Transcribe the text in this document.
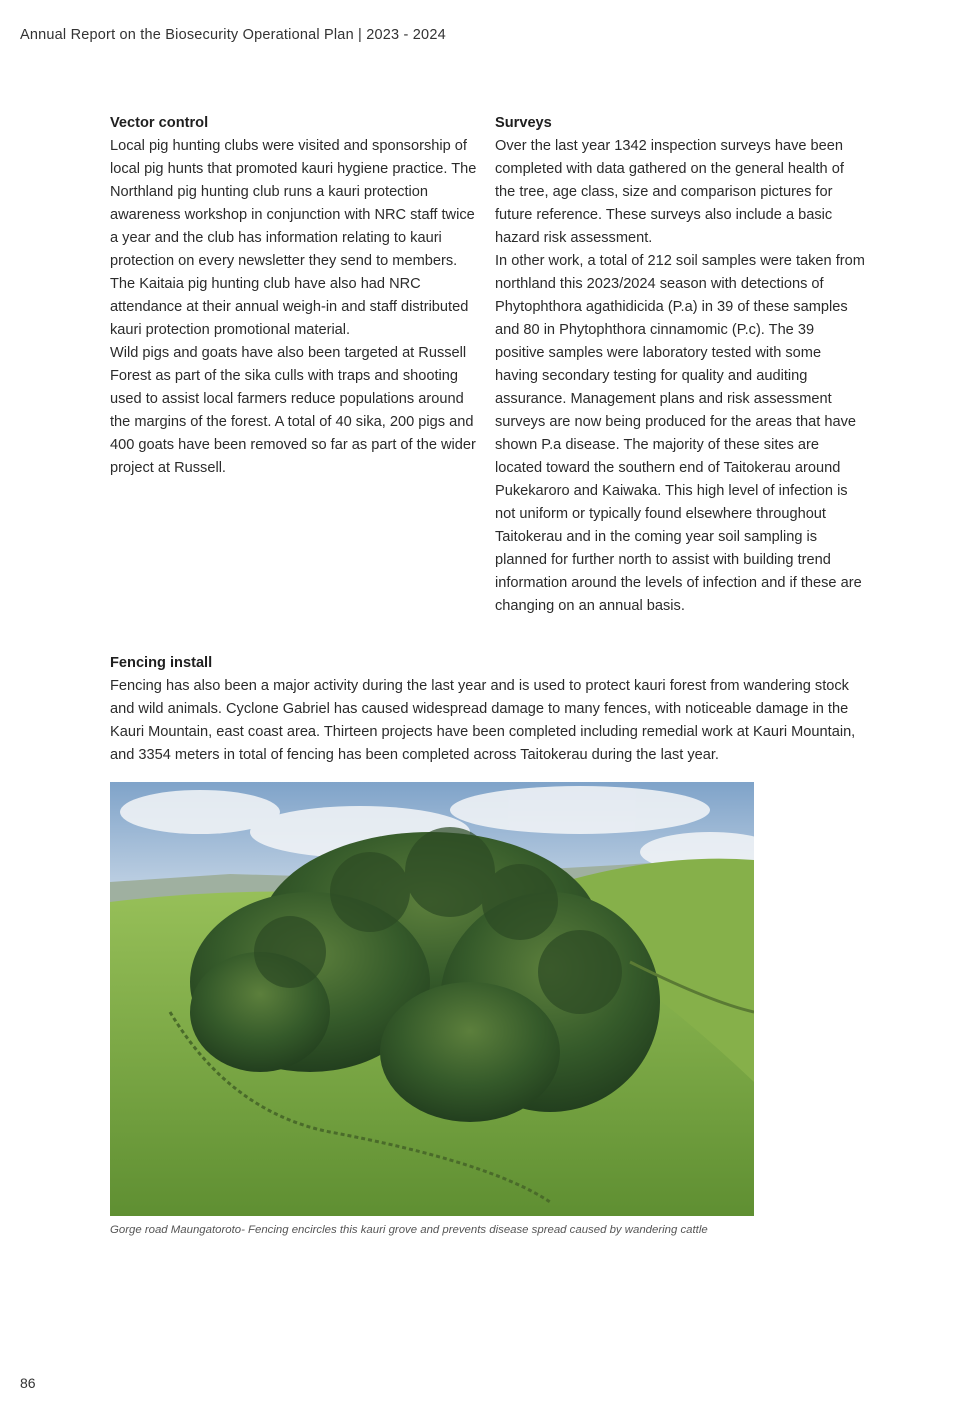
Annual Report on the Biosecurity Operational Plan | 2023 - 2024
Vector control

Local pig hunting clubs were visited and sponsorship of local pig hunts that promoted kauri hygiene practice. The Northland pig hunting club runs a kauri protection awareness workshop in conjunction with NRC staff twice a year and the club has information relating to kauri protection on every newsletter they send to members. The Kaitaia pig hunting club have also had NRC attendance at their annual weigh-in and staff distributed kauri protection promotional material.

Wild pigs and goats have also been targeted at Russell Forest as part of the sika culls with traps and shooting used to assist local farmers reduce populations around the margins of the forest. A total of 40 sika, 200 pigs and 400 goats have been removed so far as part of the wider project at Russell.

Surveys

Over the last year 1342 inspection surveys have been completed with data gathered on the general health of the tree, age class, size and comparison pictures for future reference. These surveys also include a basic hazard risk assessment.

In other work, a total of 212 soil samples were taken from northland this 2023/2024 season with detections of Phytophthora agathidicida (P.a) in 39 of these samples and 80 in Phytophthora cinnamomic (P.c). The 39 positive samples were laboratory tested with some having secondary testing for quality and auditing assurance. Management plans and risk assessment surveys are now being produced for the areas that have shown P.a disease. The majority of these sites are located toward the southern end of Taitokerau around Pukekaroro and Kaiwaka. This high level of infection is not uniform or typically found elsewhere throughout Taitokerau and in the coming year soil sampling is planned for further north to assist with building trend information around the levels of infection and if these are changing on an annual basis.

Fencing install

Fencing has also been a major activity during the last year and is used to protect kauri forest from wandering stock and wild animals. Cyclone Gabriel has caused widespread damage to many fences, with noticeable damage in the Kauri Mountain, east coast area. Thirteen projects have been completed including remedial work at Kauri Mountain, and 3354 meters in total of fencing has been completed across Taitokerau during the last year.

Gorge road Maungatoroto- Fencing encircles this kauri grove and prevents disease spread caused by wandering cattle
86
